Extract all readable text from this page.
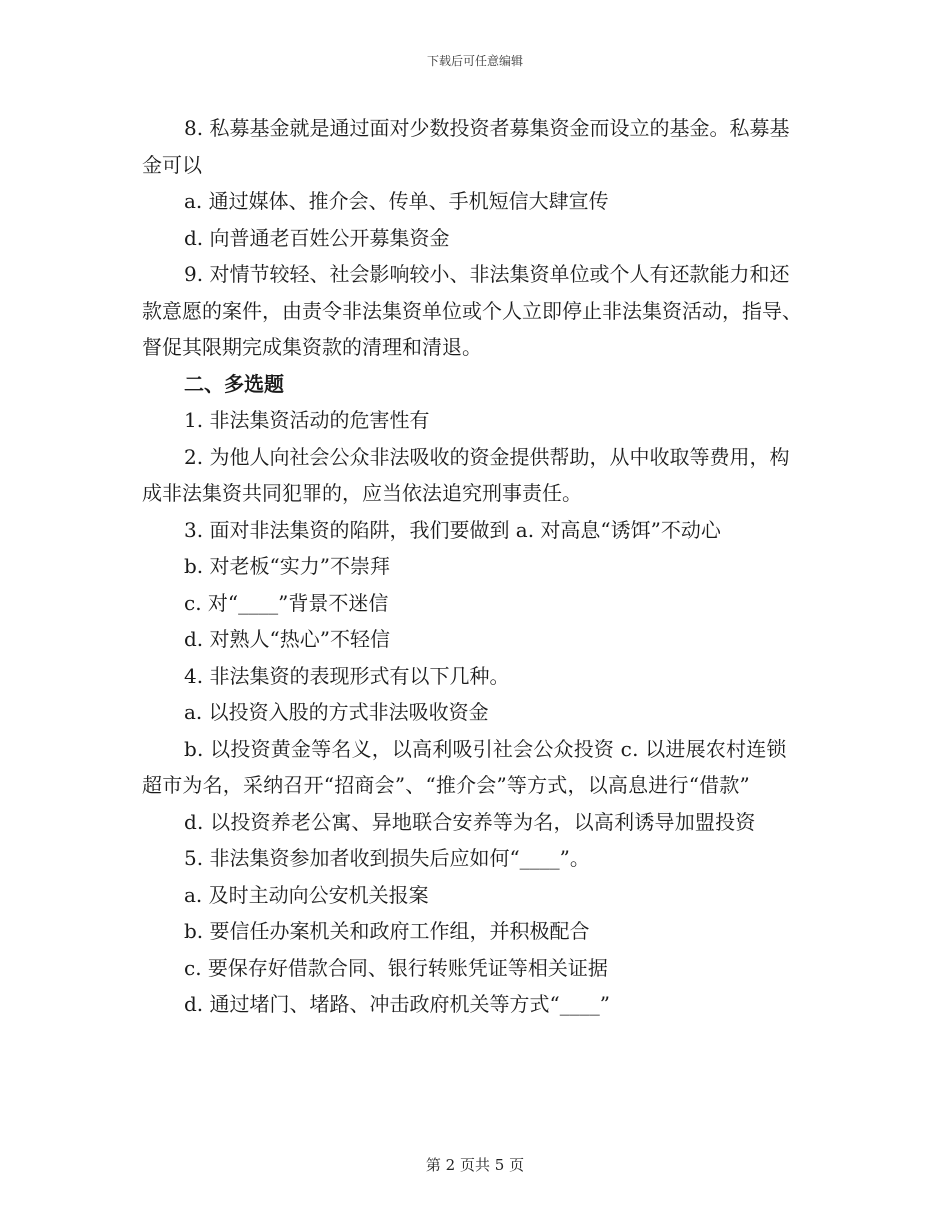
下载后可任意编辑

8. 私募基金就是通过面对少数投资者募集资金而设立的基金。私募基金可以

a. 通过媒体、推介会、传单、手机短信大肆宣传

d. 向普通老百姓公开募集资金

9. 对情节较轻、社会影响较小、非法集资单位或个人有还款能力和还款意愿的案件，由责令非法集资单位或个人立即停止非法集资活动，指导、督促其限期完成集资款的清理和清退。

二、多选题

1. 非法集资活动的危害性有

2. 为他人向社会公众非法吸收的资金提供帮助，从中收取等费用，构成非法集资共同犯罪的，应当依法追究刑事责任。

3. 面对非法集资的陷阱，我们要做到 a. 对高息“诱饵”不动心

b. 对老板“实力”不崇拜

c. 对“____”背景不迷信

d. 对熟人“热心”不轻信

4. 非法集资的表现形式有以下几种。

a. 以投资入股的方式非法吸收资金

b. 以投资黄金等名义，以高利吸引社会公众投资 c. 以进展农村连锁超市为名，采纳召开“招商会”、“推介会”等方式，以高息进行“借款”

d. 以投资养老公寓、异地联合安养等为名，以高利诱导加盟投资

5. 非法集资参加者收到损失后应如何“____”。

a. 及时主动向公安机关报案

b. 要信任办案机关和政府工作组，并积极配合

c. 要保存好借款合同、银行转账凭证等相关证据

d. 通过堵门、堵路、冲击政府机关等方式“____”

第 2 页共 5 页
